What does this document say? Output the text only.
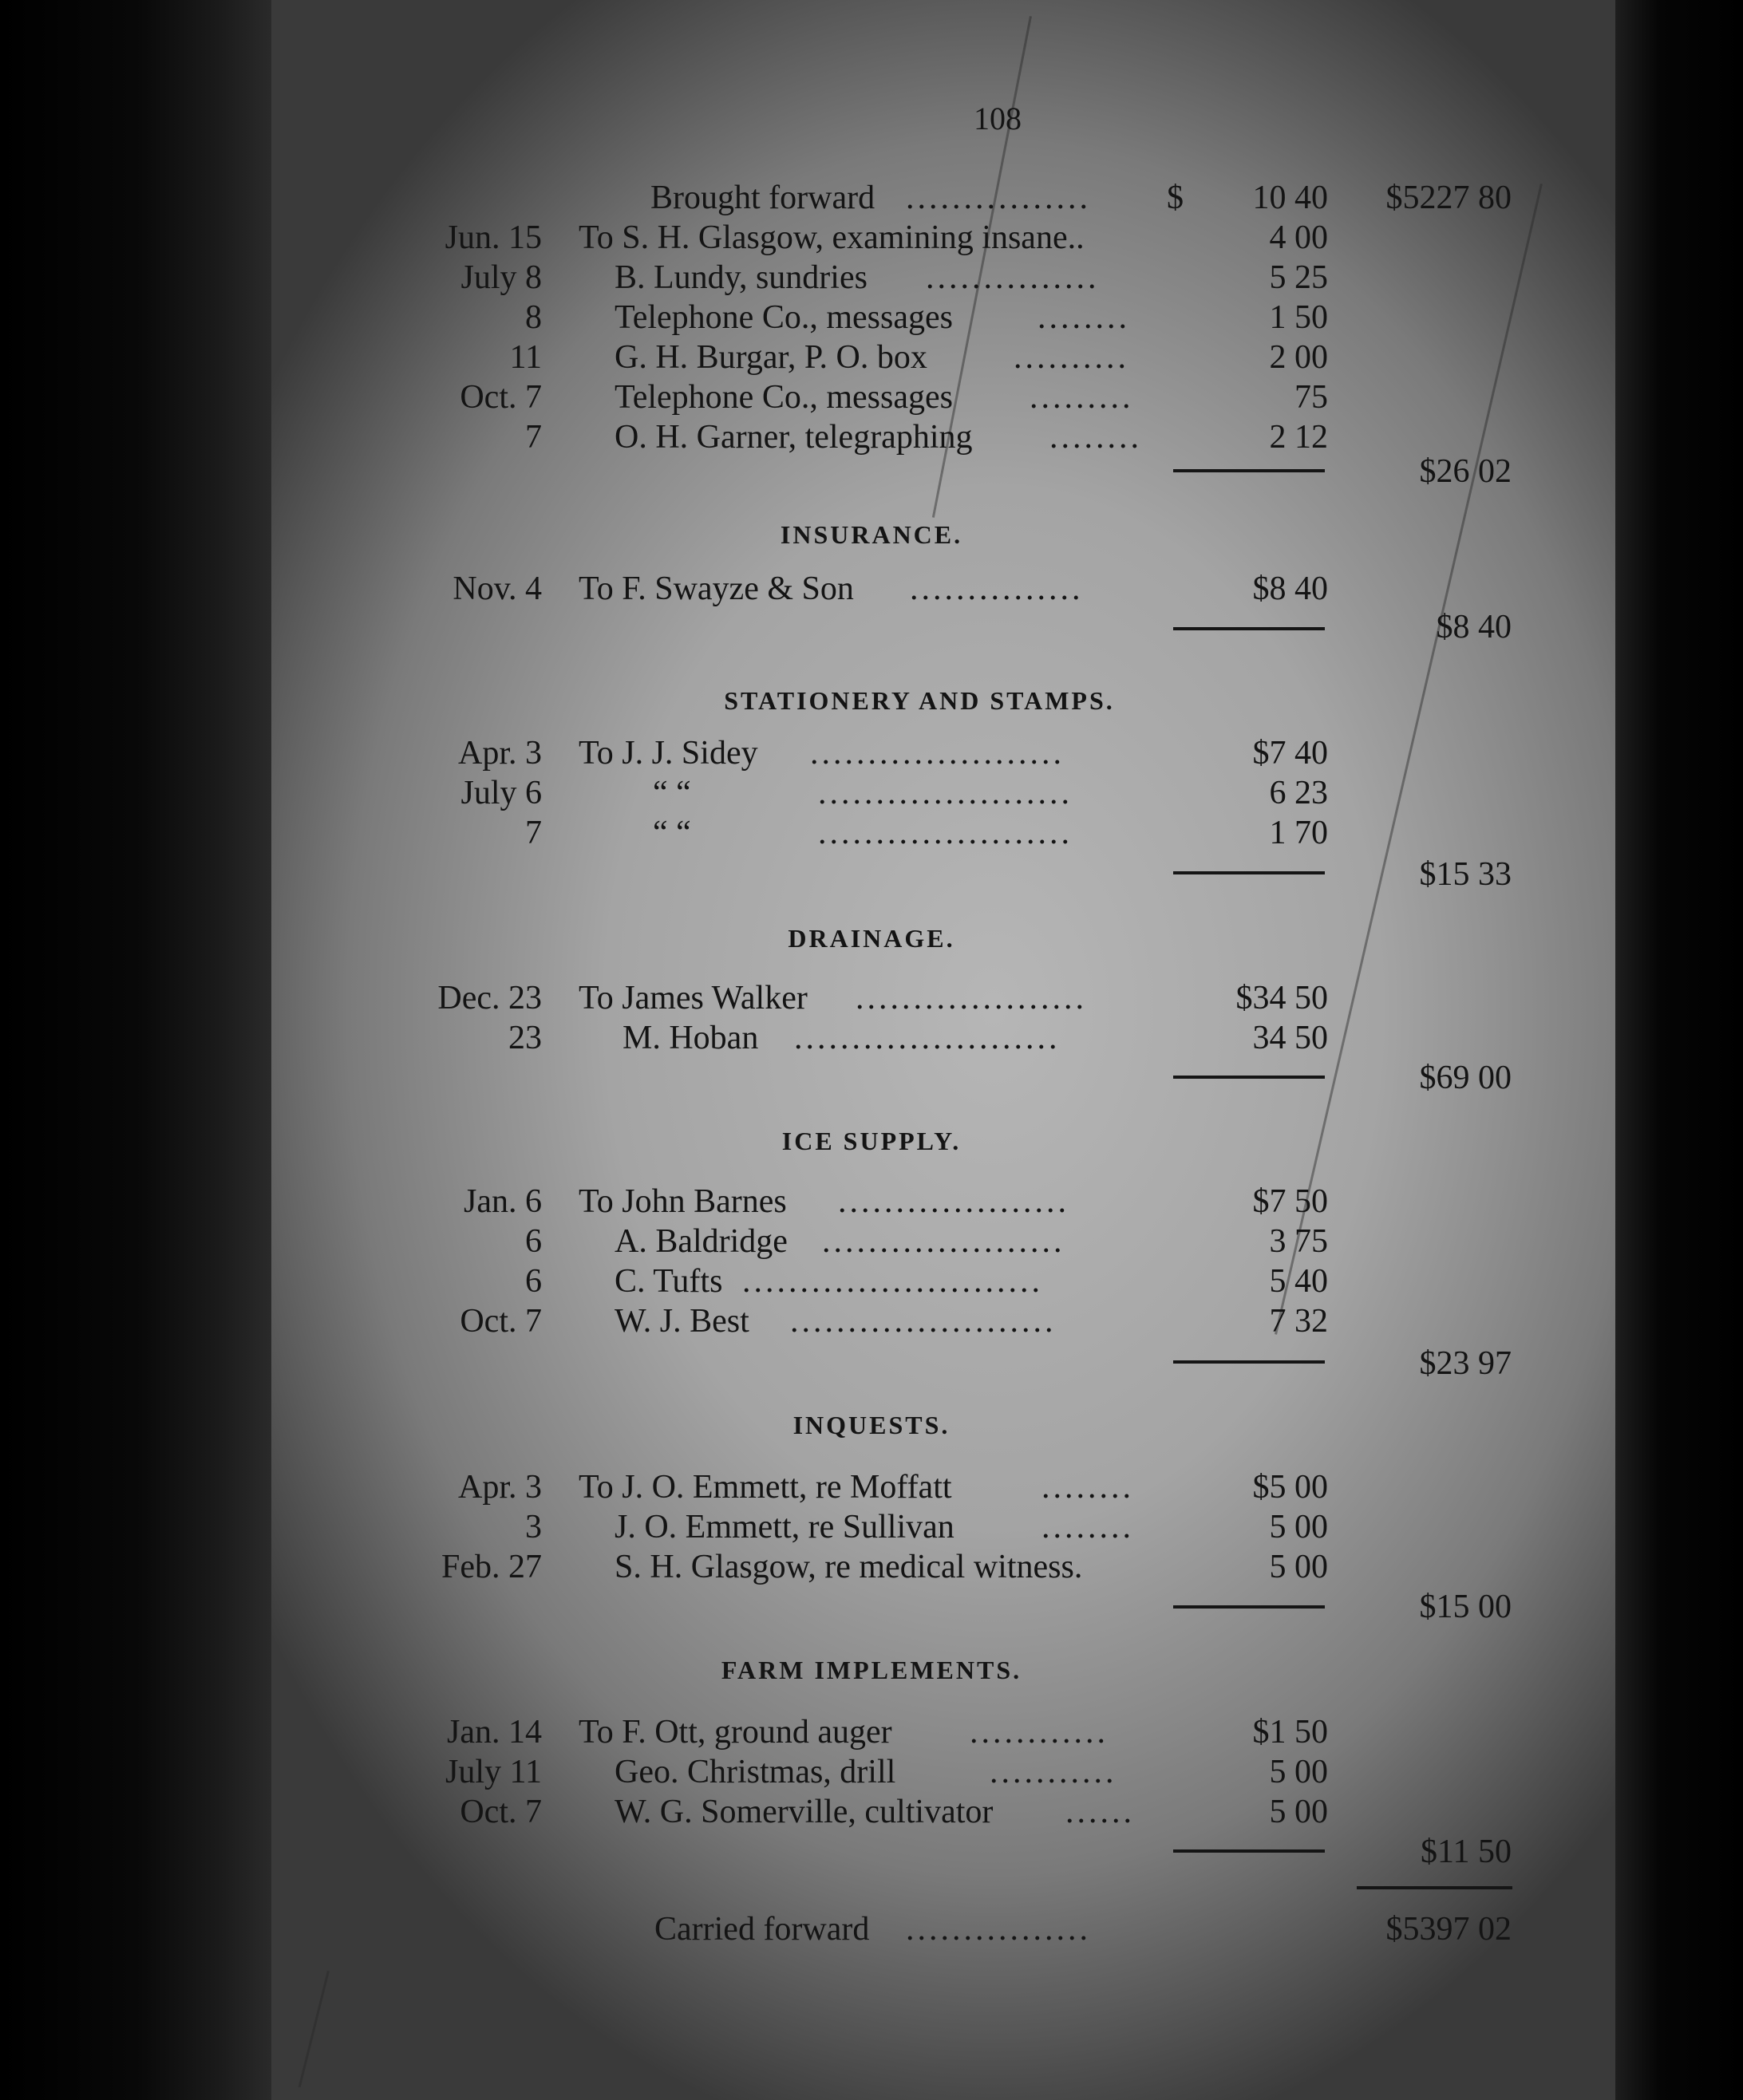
108
Brought forward ................	$ 10 40 $5227 80
Jun. 15 To S. H. Glasgow, examining insane..	4 00
July 8 B. Lundy, sundries ...............	5 25
8 Telephone Co., messages	........	1 50
11 G. H. Burgar, P. O. box	..........	2 00
Oct. 7 Telephone Co., messages .........	75
7 O. H. Garner, telegraphing ........	2 12
$26 02
INSURANCE.
Nov. 4 To F. Swayze & Son ...............	$8 40
$8 40
STATIONERY AND STAMPS.
Apr. 3 To J. J. Sidey ......................	$7 40
July 6	“ “	......................	6 23
7	“ “	......................	1 70
$15 33
DRAINAGE.
Dec. 23 To James Walker ....................	$34 50
23 M. Hoban .......................	34 50
$69 00
ICE SUPPLY.
Jan. 6 To John Barnes ....................	$7 50
6 A. Baldridge .....................	3 75
6 C. Tufts ..........................	5 40
Oct. 7 W. J. Best .......................	7 32
$23 97
INQUESTS.
Apr. 3 To J. O. Emmett, re Moffatt	........	$5 00
3 J. O. Emmett, re Sullivan	........	5 00
Feb. 27 S. H. Glasgow, re medical witness.	5 00
$15 00
FARM IMPLEMENTS.
Jan. 14 To F. Ott, ground auger ............	$1 50
July 11 Geo. Christmas, drill	...........	5 00
Oct. 7 W. G. Somerville, cultivator ......	5 00
$11 50
Carried forward ................	$5397 02
